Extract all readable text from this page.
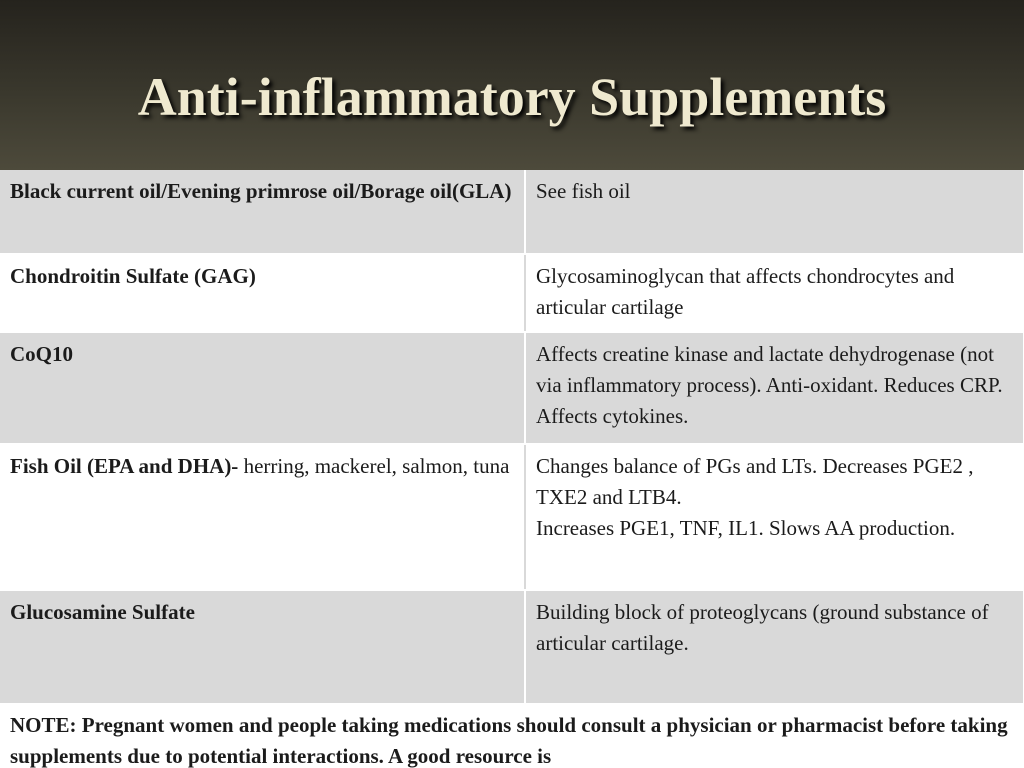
Anti-inflammatory Supplements
Black current oil/Evening primrose oil/Borage oil(GLA)	See fish oil
Chondroitin Sulfate (GAG)	Glycosaminoglycan that affects chondrocytes and articular cartilage
CoQ10	Affects creatine kinase and lactate dehydrogenase (not via inflammatory process). Anti-oxidant. Reduces CRP. Affects cytokines.
Fish Oil (EPA and DHA)- herring, mackerel, salmon, tuna	Changes balance of PGs and LTs. Decreases PGE2 , TXE2 and LTB4.
Increases PGE1, TNF, IL1. Slows AA production.

Glucosamine Sulfate	Building block of proteoglycans (ground substance of articular cartilage.
NOTE: Pregnant women and people taking medications should consult a physician or pharmacist before taking supplements due to potential interactions. A good resource is
